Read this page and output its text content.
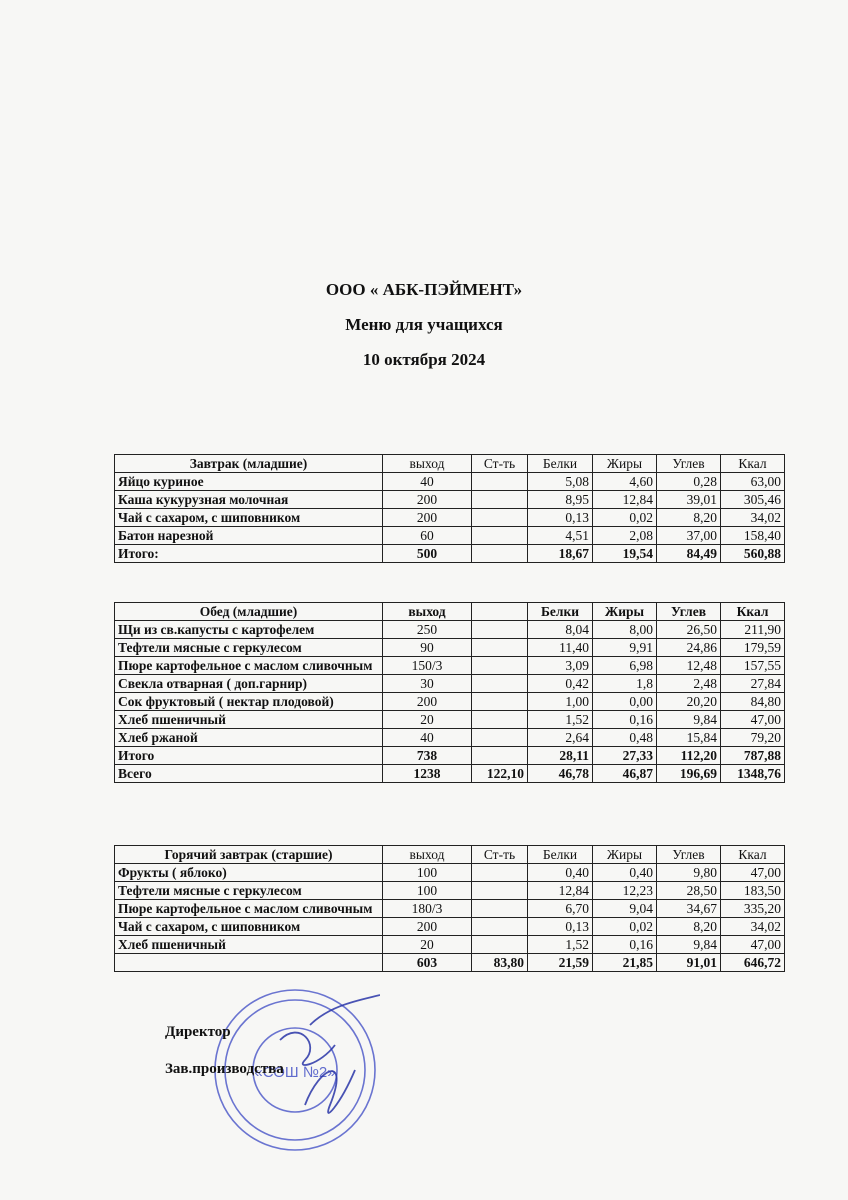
ООО « АБК-ПЭЙМЕНТ»
Меню для учащихся
10 октября 2024
Завтрак (младшие)	выход	Ст-ть	Белки	Жиры	Углев	Ккал
Яйцо куриное	40		5,08	4,60	0,28	63,00
Каша кукурузная молочная	200		8,95	12,84	39,01	305,46
Чай с сахаром, с шиповником	200		0,13	0,02	8,20	34,02
Батон нарезной	60		4,51	2,08	37,00	158,40
Итого:	500		18,67	19,54	84,49	560,88
Обед (младшие)	выход		Белки	Жиры	Углев	Ккал
Щи из св.капусты с картофелем	250		8,04	8,00	26,50	211,90
Тефтели мясные с геркулесом	90		11,40	9,91	24,86	179,59
Пюре картофельное с маслом сливочным	150/3		3,09	6,98	12,48	157,55
Свекла отварная ( доп.гарнир)	30		0,42	1,8	2,48	27,84
Сок фруктовый ( нектар плодовой)	200		1,00	0,00	20,20	84,80
Хлеб пшеничный	20		1,52	0,16	9,84	47,00
Хлеб ржаной	40		2,64	0,48	15,84	79,20
Итого	738		28,11	27,33	112,20	787,88
Всего	1238	122,10	46,78	46,87	196,69	1348,76
Горячий завтрак (старшие)	выход	Ст-ть	Белки	Жиры	Углев	Ккал
Фрукты ( яблоко)	100		0,40	0,40	9,80	47,00
Тефтели мясные с геркулесом	100		12,84	12,23	28,50	183,50
Пюре картофельное с маслом сливочным	180/3		6,70	9,04	34,67	335,20
Чай с сахаром, с шиповником	200		0,13	0,02	8,20	34,02
Хлеб пшеничный	20		1,52	0,16	9,84	47,00
	603	83,80	21,59	21,85	91,01	646,72
«СОШ №2»
Директор
Зав.производства
